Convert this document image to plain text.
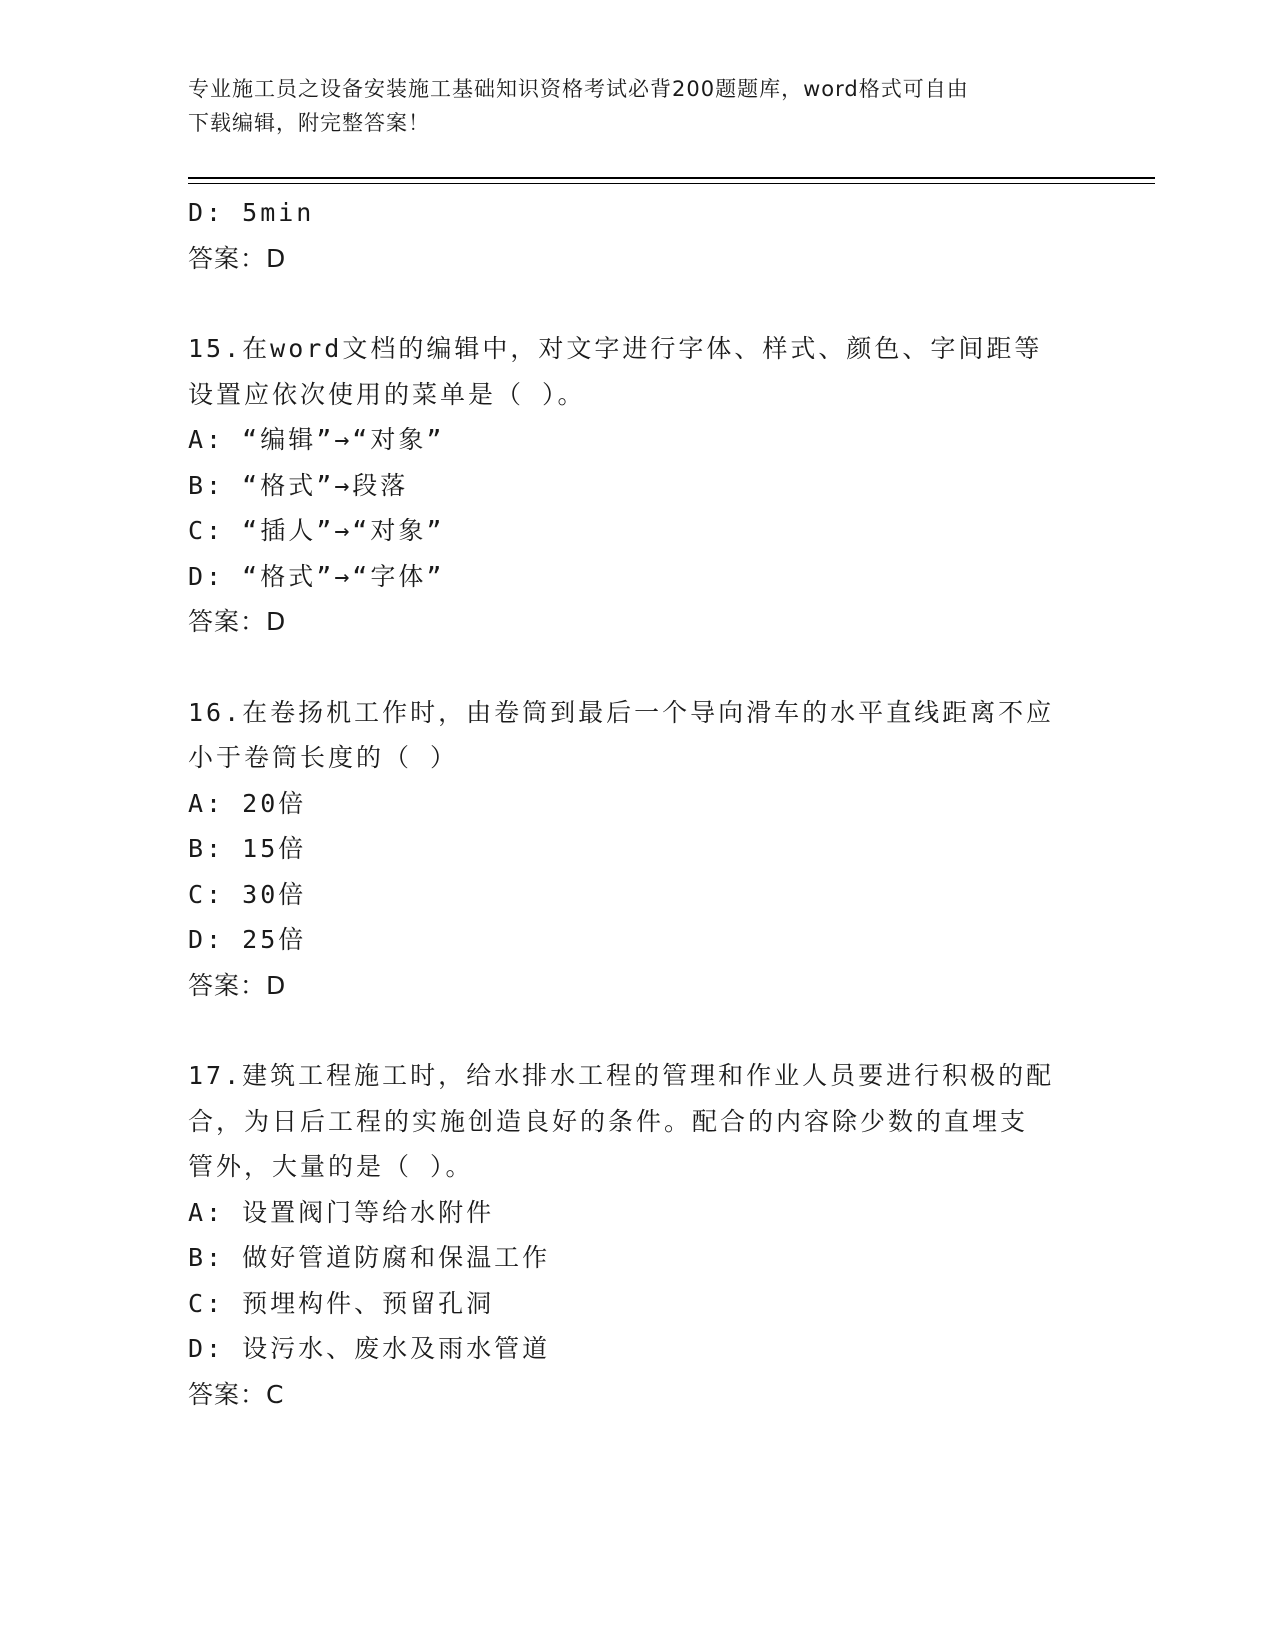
专业施工员之设备安装施工基础知识资格考试必背200题题库，word格式可自由
下载编辑，附完整答案！
D: 5min
答案：D
15.在word文档的编辑中，对文字进行字体、样式、颜色、字间距等
设置应依次使用的菜单是（ ）。
A: “编辑”→“对象”
B: “格式”→段落
C: “插人”→“对象”
D: “格式”→“字体”
答案：D
16.在卷扬机工作时，由卷筒到最后一个导向滑车的水平直线距离不应
小于卷筒长度的（ ）
A: 20倍
B: 15倍
C: 30倍
D: 25倍
答案：D
17.建筑工程施工时，给水排水工程的管理和作业人员要进行积极的配
合，为日后工程的实施创造良好的条件。配合的内容除少数的直埋支
管外，大量的是（ ）。
A: 设置阀门等给水附件
B: 做好管道防腐和保温工作
C: 预埋构件、预留孔洞
D: 设污水、废水及雨水管道
答案：C
